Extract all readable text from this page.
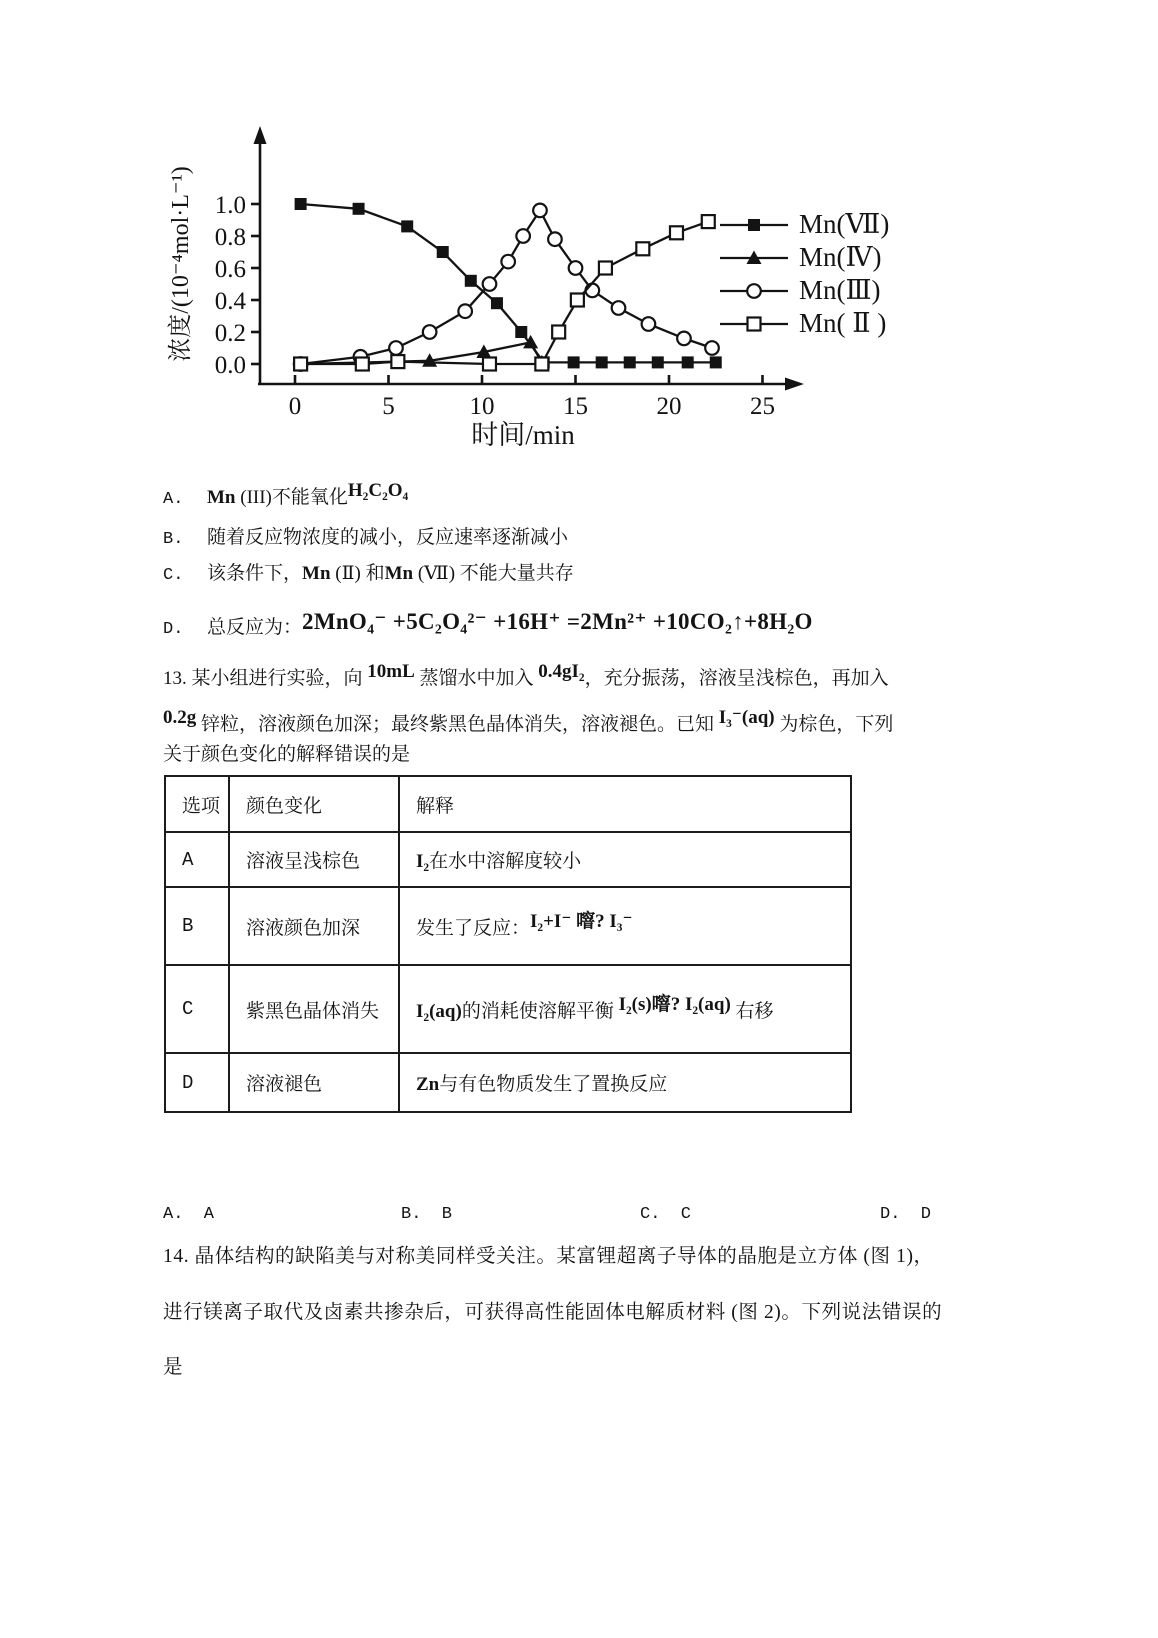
0.0
0.2
0.4
0.6
0.8
1.0
0	5	10	15	20	25
时间/min
浓度/(10⁻⁴mol·L⁻¹)	Mn(Ⅶ)
Mn(Ⅳ)
Mn(Ⅲ)
Mn( Ⅱ )
A. Mn (III)不能氧化H₂C₂O₄
B. 随着反应物浓度的减小，反应速率逐渐减小
C. 该条件下，Mn (Ⅱ) 和Mn (Ⅶ) 不能大量共存
D. 总反应为：2MnO₄⁻ +5C₂O₄²⁻ +16H⁺ =2Mn²⁺ +10CO₂↑+8H₂O
13. 某小组进行实验，向 10mL 蒸馏水中加入 0.4gI₂，充分振荡，溶液呈浅棕色，再加入
0.2g 锌粒，溶液颜色加深；最终紫黑色晶体消失，溶液褪色。已知 I₃⁻(aq) 为棕色，下列
关于颜色变化的解释错误的是
选项	颜色变化	解释
A	溶液呈浅棕色	I₂在水中溶解度较小
B	溶液颜色加深	发生了反应：I₂+I⁻ 噾? I₃⁻
C	紫黑色晶体消失	I₂(aq)的消耗使溶解平衡 I₂(s)噾? I₂(aq) 右移
D	溶液褪色	Zn与有色物质发生了置换反应
A.  A	B.  B	C.  C	D.  D
14. 晶体结构的缺陷美与对称美同样受关注。某富锂超离子导体的晶胞是立方体 (图 1)，
进行镁离子取代及卤素共掺杂后，可获得高性能固体电解质材料 (图 2)。下列说法错误的
是
